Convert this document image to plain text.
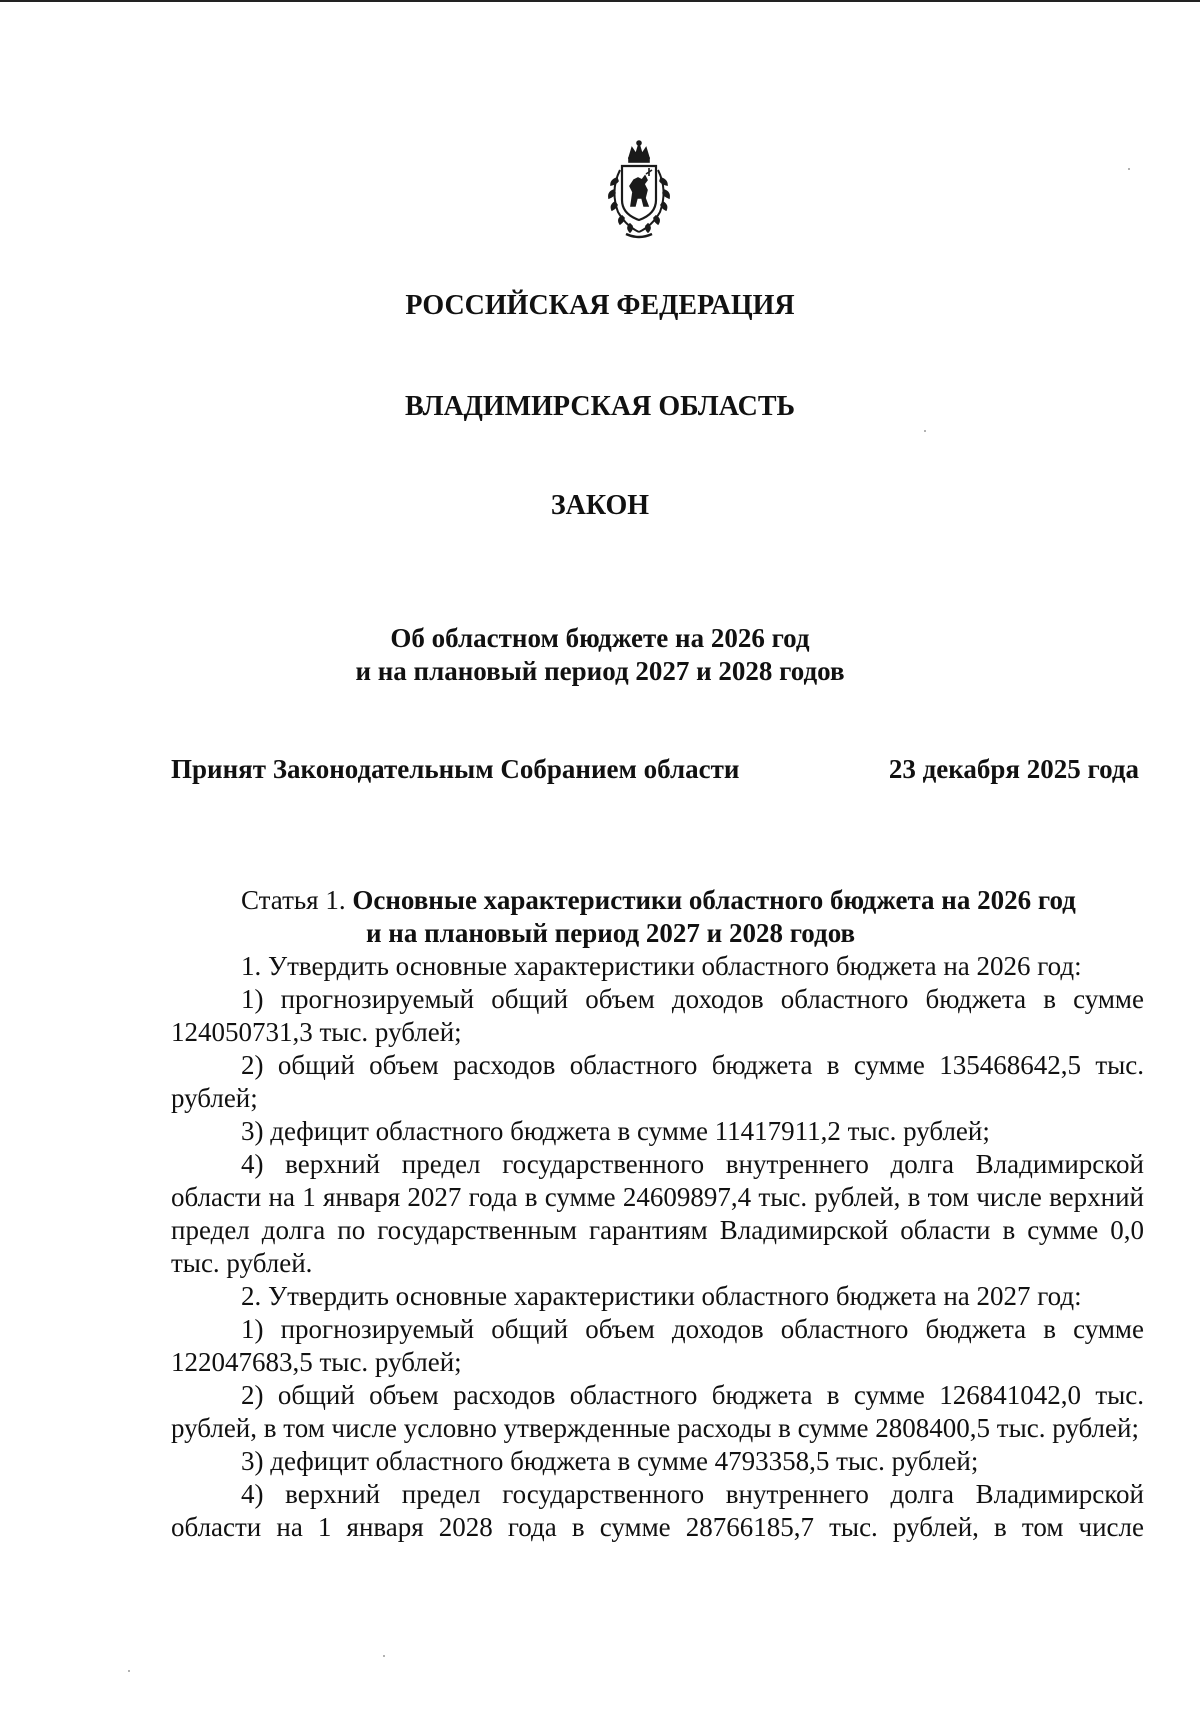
РОССИЙСКАЯ ФЕДЕРАЦИЯ
ВЛАДИМИРСКАЯ ОБЛАСТЬ
ЗАКОН
Об областном бюджете на 2026 год
и на плановый период 2027 и 2028 годов
Принят Законодательным Собранием области	23 декабря 2025 года

Статья 1. Основные характеристики областного бюджета на 2026 год
и на плановый период 2027 и 2028 годов

1. Утвердить основные характеристики областного бюджета на 2026 год:

1) прогнозируемый общий объем доходов областного бюджета в сумме 124050731,3 тыс. рублей;

2) общий объем расходов областного бюджета в сумме 135468642,5 тыс. рублей;

3) дефицит областного бюджета в сумме 11417911,2 тыс. рублей;

4) верхний предел государственного внутреннего долга Владимирской области на 1 января 2027 года в сумме 24609897,4 тыс. рублей, в том числе верхний предел долга по государственным гарантиям Владимирской области в сумме 0,0 тыс. рублей.

2. Утвердить основные характеристики областного бюджета на 2027 год:

1) прогнозируемый общий объем доходов областного бюджета в сумме 122047683,5 тыс. рублей;

2) общий объем расходов областного бюджета в сумме 126841042,0 тыс. рублей, в том числе условно утвержденные расходы в сумме 2808400,5 тыс. рублей;

3) дефицит областного бюджета в сумме 4793358,5 тыс. рублей;

4) верхний предел государственного внутреннего долга Владимирской области на 1 января 2028 года в сумме 28766185,7 тыс. рублей, в том числе
